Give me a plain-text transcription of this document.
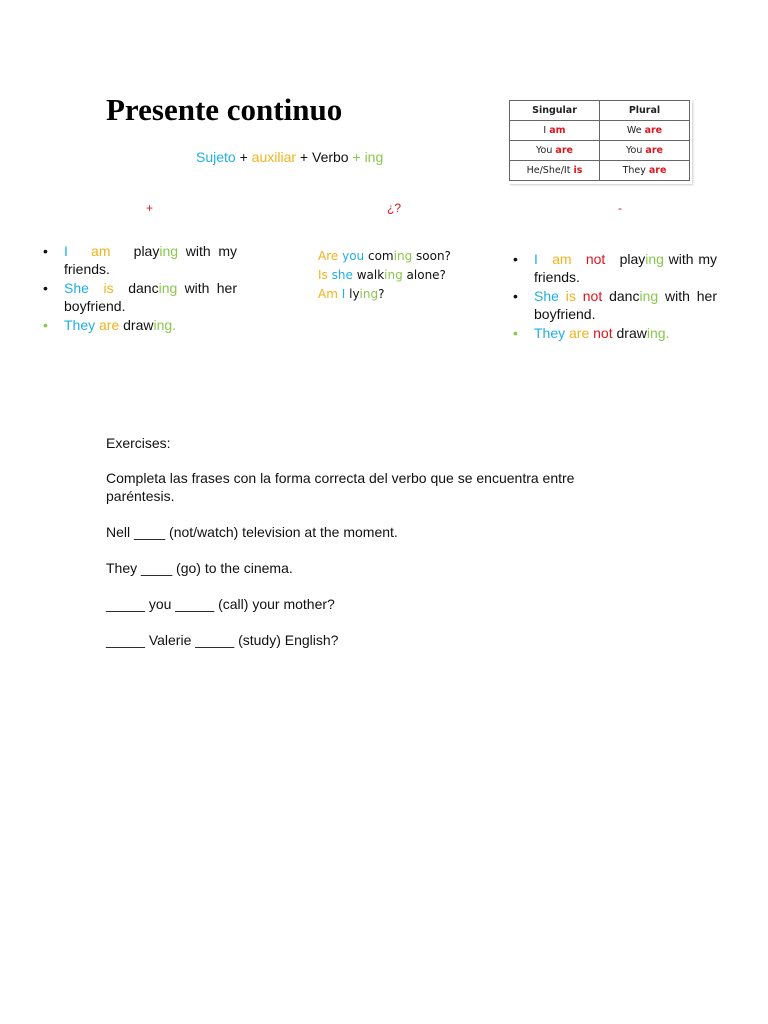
Presente continuo
Sujeto + auxiliar + Verbo + ing
Singular	Plural
I am	We are
You are	You are
He/She/It is	They are
+	¿?	-
• I am playing with my friends.
• She is dancing with her boyfriend.
• They are drawing.
Are you coming soon?
Is she walking alone?
Am I lying?
• I am not playing with my friends.
• She is not dancing with her boyfriend.
• They are not drawing.
Exercises:
Completa las frases con la forma correcta del verbo que se encuentra entre paréntesis.
Nell ____ (not/watch) television at the moment.
They ____ (go) to the cinema.
_____ you _____ (call) your mother?
_____ Valerie _____ (study) English?
